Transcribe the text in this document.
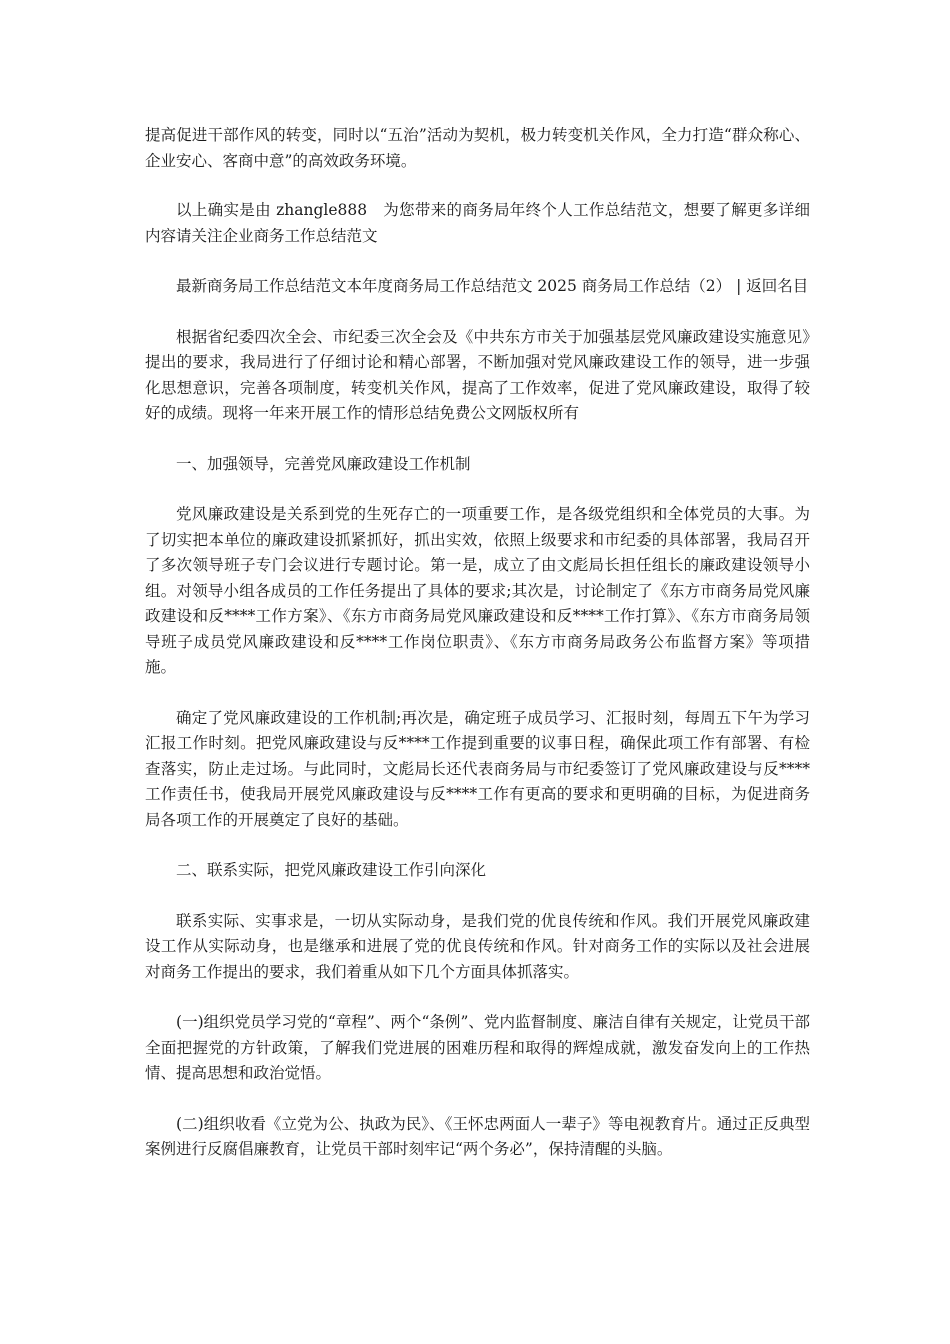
提高促进干部作风的转变，同时以“五治”活动为契机，极力转变机关作风，全力打造“群众称心、企业安心、客商中意”的高效政务环境。

以上确实是由 zhangle888　为您带来的商务局年终个人工作总结范文，想要了解更多详细内容请关注企业商务工作总结范文

最新商务局工作总结范文本年度商务局工作总结范文 2025 商务局工作总结（2） | 返回名目

根据省纪委四次全会、市纪委三次全会及《中共东方市关于加强基层党风廉政建设实施意见》提出的要求，我局进行了仔细讨论和精心部署，不断加强对党风廉政建设工作的领导，进一步强化思想意识，完善各项制度，转变机关作风，提高了工作效率，促进了党风廉政建设，取得了较好的成绩。现将一年来开展工作的情形总结免费公文网版权所有

一、加强领导，完善党风廉政建设工作机制

党风廉政建设是关系到党的生死存亡的一项重要工作，是各级党组织和全体党员的大事。为了切实把本单位的廉政建设抓紧抓好，抓出实效，依照上级要求和市纪委的具体部署，我局召开了多次领导班子专门会议进行专题讨论。第一是，成立了由文彪局长担任组长的廉政建设领导小组。对领导小组各成员的工作任务提出了具体的要求;其次是，讨论制定了《东方市商务局党风廉政建设和反****工作方案》、《东方市商务局党风廉政建设和反****工作打算》、《东方市商务局领导班子成员党风廉政建设和反****工作岗位职责》、《东方市商务局政务公布监督方案》等项措施。

确定了党风廉政建设的工作机制;再次是，确定班子成员学习、汇报时刻，每周五下午为学习汇报工作时刻。把党风廉政建设与反****工作提到重要的议事日程，确保此项工作有部署、有检查落实，防止走过场。与此同时，文彪局长还代表商务局与市纪委签订了党风廉政建设与反****工作责任书，使我局开展党风廉政建设与反****工作有更高的要求和更明确的目标，为促进商务局各项工作的开展奠定了良好的基础。

二、联系实际，把党风廉政建设工作引向深化

联系实际、实事求是，一切从实际动身，是我们党的优良传统和作风。我们开展党风廉政建设工作从实际动身，也是继承和进展了党的优良传统和作风。针对商务工作的实际以及社会进展对商务工作提出的要求，我们着重从如下几个方面具体抓落实。

(一)组织党员学习党的“章程”、两个“条例”、党内监督制度、廉洁自律有关规定，让党员干部全面把握党的方针政策，了解我们党进展的困难历程和取得的辉煌成就，激发奋发向上的工作热情、提高思想和政治觉悟。

(二)组织收看《立党为公、执政为民》、《王怀忠两面人一辈子》等电视教育片。通过正反典型案例进行反腐倡廉教育，让党员干部时刻牢记“两个务必”，保持清醒的头脑。
